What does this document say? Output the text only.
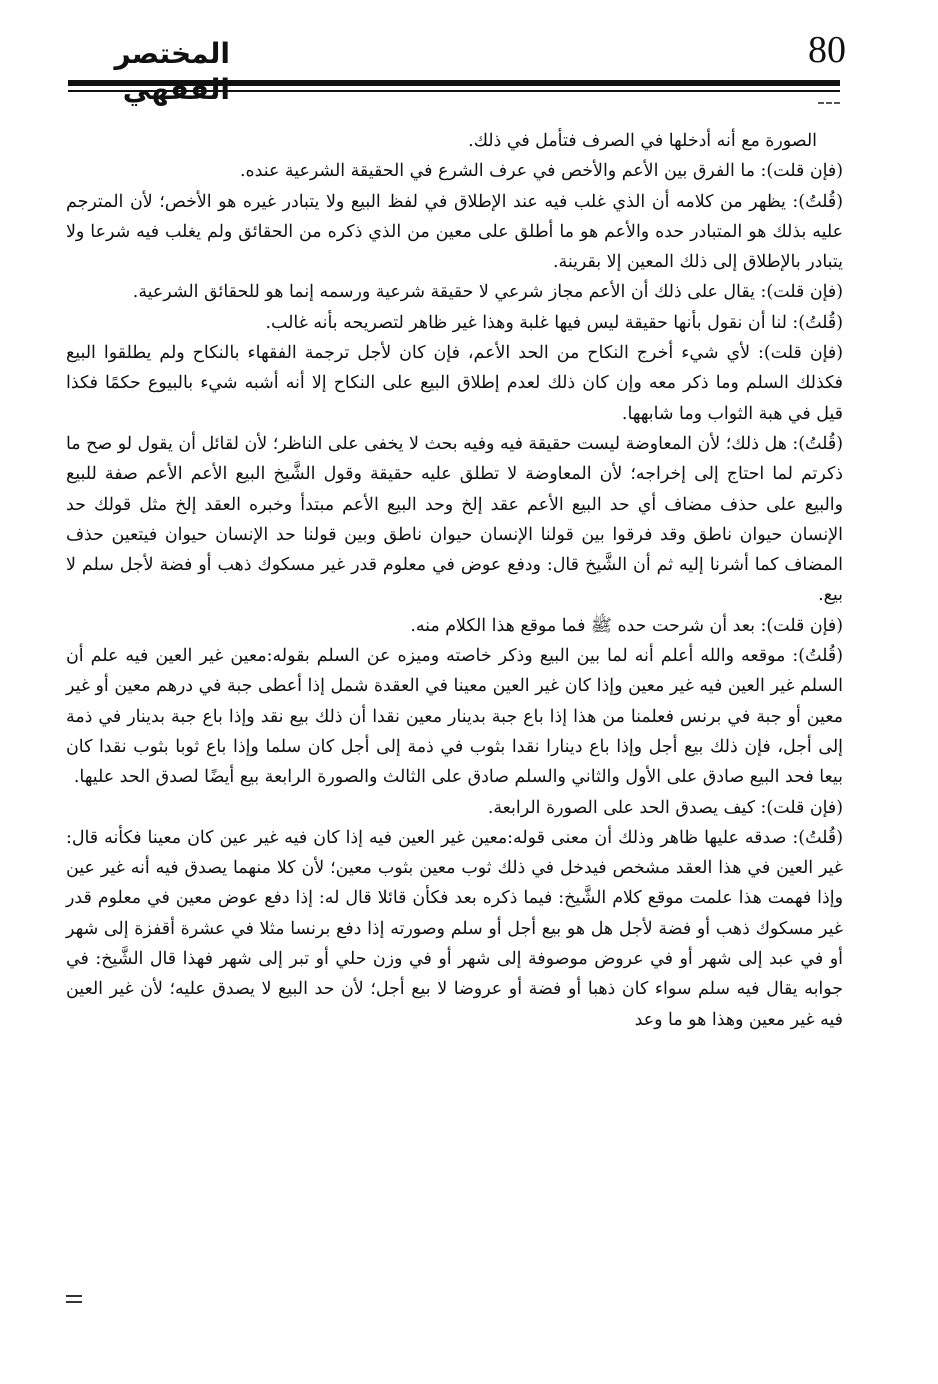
80
المختصر

الصورة مع أنه أدخلها في الصرف فتأمل في ذلك.

(فإن قلت): ما الفرق بين الأعم والأخص في عرف الشرع في الحقيقة الشرعية عنده.

(قُلتُ): يظهر من كلامه أن الذي غلب فيه عند الإطلاق في لفظ البيع ولا يتبادر غيره هو الأخص؛ لأن المترجم عليه بذلك هو المتبادر حده والأعم هو ما أطلق على معين من الذي ذكره من الحقائق ولم يغلب فيه شرعا ولا يتبادر بالإطلاق إلى ذلك المعين إلا بقرينة.

(فإن قلت): يقال على ذلك أن الأعم مجاز شرعي لا حقيقة شرعية ورسمه إنما هو للحقائق الشرعية.

(قُلتُ): لنا أن نقول بأنها حقيقة ليس فيها غلبة وهذا غير ظاهر لتصريحه بأنه غالب.

(فإن قلت): لأي شيء أخرج النكاح من الحد الأعم، فإن كان لأجل ترجمة الفقهاء بالنكاح ولم يطلقوا البيع فكذلك السلم وما ذكر معه وإن كان ذلك لعدم إطلاق البيع على النكاح إلا أنه أشبه شيء بالبيوع حكمًا فكذا قيل في هبة الثواب وما شابهها.

(قُلتُ): هل ذلك؛ لأن المعاوضة ليست حقيقة فيه وفيه بحث لا يخفى على الناظر؛ لأن لقائل أن يقول لو صح ما ذكرتم لما احتاج إلى إخراجه؛ لأن المعاوضة لا تطلق عليه حقيقة وقول الشَّيخ البيع الأعم الأعم صفة للبيع والبيع على حذف مضاف أي حد البيع الأعم عقد إلخ وحد البيع الأعم مبتدأ وخبره العقد إلخ مثل قولك حد الإنسان حيوان ناطق وقد فرقوا بين قولنا الإنسان حيوان ناطق وبين قولنا حد الإنسان حيوان فيتعين حذف المضاف كما أشرنا إليه ثم أن الشَّيخ قال: ودفع عوض في معلوم قدر غير مسكوك ذهب أو فضة لأجل سلم لا بيع.

(فإن قلت): بعد أن شرحت حده ﷺ فما موقع هذا الكلام منه.

(قُلتُ): موقعه والله أعلم أنه لما بين البيع وذكر خاصته وميزه عن السلم بقوله:معين غير العين فيه علم أن السلم غير العين فيه غير معين وإذا كان غير العين معينا في العقدة شمل إذا أعطى جبة في درهم معين أو غير معين أو جبة في برنس فعلمنا من هذا إذا باع جبة بدينار معين نقدا أن ذلك بيع نقد وإذا باع جبة بدينار في ذمة إلى أجل، فإن ذلك بيع أجل وإذا باع دينارا نقدا بثوب في ذمة إلى أجل كان سلما وإذا باع ثوبا بثوب نقدا كان بيعا فحد البيع صادق على الأول والثاني والسلم صادق على الثالث والصورة الرابعة بيع أيضًا لصدق الحد عليها.

(فإن قلت): كيف يصدق الحد على الصورة الرابعة.

(قُلتُ): صدقه عليها ظاهر وذلك أن معنى قوله:معين غير العين فيه إذا كان فيه غير عين كان معينا فكأنه قال: غير العين في هذا العقد مشخص فيدخل في ذلك ثوب معين بثوب معين؛ لأن كلا منهما يصدق فيه أنه غير عين وإذا فهمت هذا علمت موقع كلام الشَّيخ: فيما ذكره بعد فكأن قائلا قال له: إذا دفع عوض معين في معلوم قدر غير مسكوك ذهب أو فضة لأجل هل هو بيع أجل أو سلم وصورته إذا دفع برنسا مثلا في عشرة أقفزة إلى شهر أو في عبد إلى شهر أو في عروض موصوفة إلى شهر أو في وزن حلي أو تبر إلى شهر فهذا قال الشَّيخ: في جوابه يقال فيه سلم سواء كان ذهبا أو فضة أو عروضا لا بيع أجل؛ لأن حد البيع لا يصدق عليه؛ لأن غير العين فيه غير معين وهذا هو ما وعد
